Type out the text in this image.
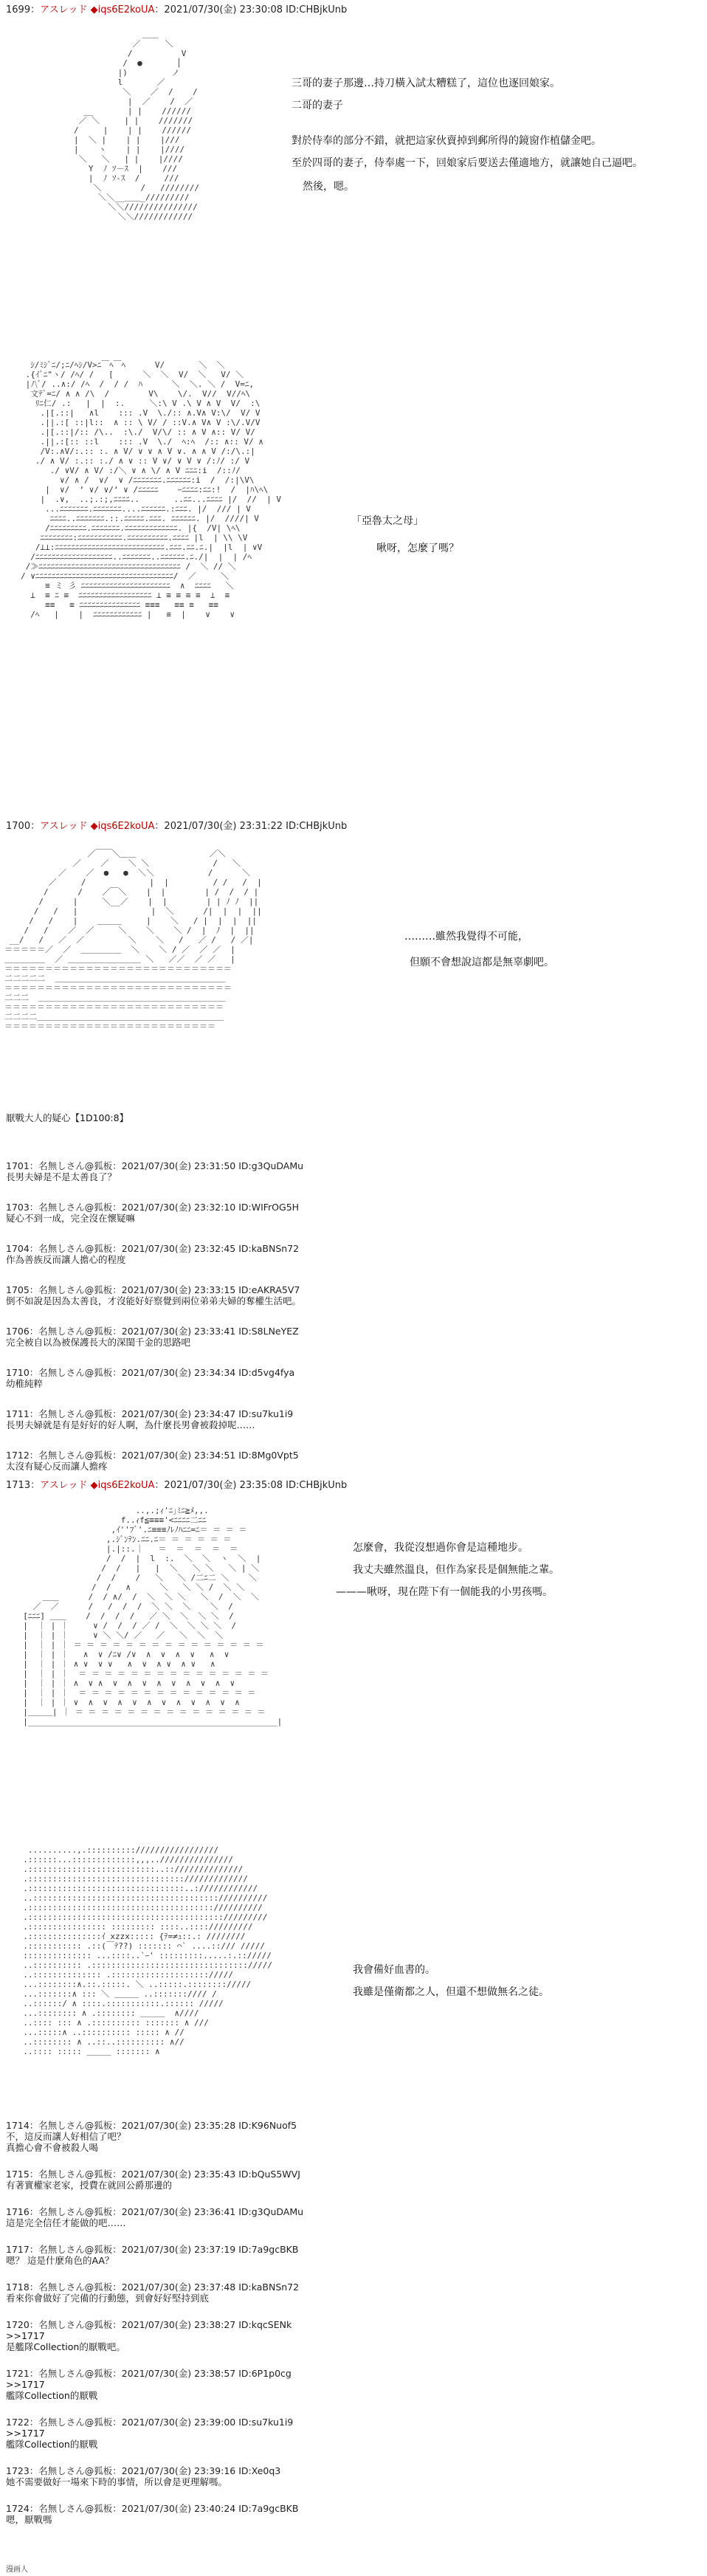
1699：アスレッド ◆iqs6E2koUA：2021/07/30(金) 23:30:08 ID:CHBjkUnb
＿＿
／     ＼
/          V
/  ●       │
|)         ノ
l       ／
＼    ／  /    /
|  ／    /  ／
__       | |    //////
／ ＼     | |    ///////
/     |    | |    //////
|  ＼ |    | |    |///
|    ヽ    | |    |////
＼   ＼   | |    |////
Y  ﾉ ｿ－ｽ  |    ///
|  ﾉ ｿ-ｽ  /     ///
＼        /   ////////
＼＼__＿＿_/////////
＼＼///////////////
＼＼////////////
三哥的妻子那邊…持刀橫入試太糟糕了，這位也逐回娘家。
二哥的妻子
對於侍奉的部分不錯，就把這家伙賣掉到郵所得的鏡窗作植儲金吧。
至於四哥的妻子，侍奉處一下，回娘家后要送去僅適地方，就讓她自己逼吧。
然後，嗯。
ｼ/ﾐｼﾞﾆ/;ﾆ/ﾍｼ/V>ﾆ￣ﾍ￣ﾍ      V/       ＼  ＼
.{ｲﾞﾆ"ヽ/ /ﾍ/ /   [      ＼  ＼  V/  ＼   V/ ＼
|ﾉ\ﾞ/ ..∧:/ /ﾍ  /  / /  ﾊ      ＼  ＼. ＼ /  V=ﾆ,
文ﾃﾞ=ﾆ/ ∧ ∧ /\  /        V\    \/.  V//  V//ﾍ\
ﾘﾆ仁/ .:   |  |  :.     ＼:\ V .\ V ∧ V  V/  :\
.|[.::|   ∧l    ::: .V  \./:: ∧.V∧ V:\/  V/ V
.||.:[ ::|l::  ∧ :: \ V/ / ::V.∧ V∧ V :\/.V/V
.|[.::|/:: /\..  :\./  V/\/ :: ∧ V ∧:: V/ V/
.||.:[:: ::l    ::: .V  \./  ﾍ:ﾍ  /:: ∧:: V/ ∧
/V:.∧V/:.:: :. ∧ V/ ∨ ∨ ∧ V ∨. ∧ ∧ V /:/\.:|
./ ∧ V/ :.:: :./ ∧ ∨ :: V ∨/ ∨ V ∨ /:ﾉ/ :/ V
./ ∨V/ ∧ V/ :/＼ ∨ ∧ \/ ∧ V ﾆﾆﾆ:i  /::ﾉ/
∨/ ∧ /  ∨/  ∨ /ﾆﾆﾆﾆﾆﾆﾆ.ﾆﾆﾆﾆﾆﾆ:i  /  /:|\V\
|  ∨/  ‘ ∨/ ∨/‘ ∨ /ﾆﾆﾆﾆﾆ    ｰﾆﾆﾆﾆ:ﾆﾆ:!  /  |ﾊ\ﾍ\
|  .∨,  ..;.:;,ﾆﾆﾆﾆ..       ..ﾆﾆ...ﾆﾆﾆﾆ |/  //  | V
...ﾆﾆﾆﾆﾆﾆﾆ.ﾆﾆﾆﾆﾆﾆﾆ....ﾆﾆﾆﾆﾆﾆ.:ﾆﾆﾆ. |/  /// | V
ﾆﾆﾆﾆ..ﾆﾆﾆﾆﾆﾆﾆ.::.ﾆﾆﾆﾆﾆ.ﾆﾆﾆ. ﾆﾆﾆﾆﾆﾆ. |/  ////| V
/ﾆﾆﾆﾆﾆﾆﾆﾆﾆ.ﾆﾆﾆﾆﾆﾆﾆ.ﾆﾆﾆﾆﾆﾆﾆﾆﾆﾆﾆﾆﾆ. |{  /V| \ﾍ\
ﾆﾆﾆﾆﾆﾆﾆﾆ:ﾆﾆﾆﾆﾆﾆﾆﾆﾆﾆﾆ.ﾆﾆﾆﾆﾆﾆﾆﾆﾆﾆ.ﾆﾆﾆﾆ |l  | \\ \V
/⊥⊥:ﾆﾆﾆﾆﾆﾆﾆﾆﾆﾆﾆﾆﾆﾆﾆﾆﾆﾆﾆﾆﾆﾆﾆﾆﾆﾆﾆ.ﾆﾆﾆ.ﾆﾆ.ﾆ.|  |l  | ∨V
/ﾆﾆﾆﾆﾆﾆﾆﾆﾆﾆﾆﾆﾆﾆﾆﾆﾆﾆﾆ..ﾆﾆﾆﾆﾆﾆﾆ..ﾆﾆﾆﾆﾆﾆ.ﾆ./|  |  | /ﾍ
/≫ﾆﾆﾆﾆﾆﾆﾆﾆﾆﾆﾆﾆﾆﾆﾆﾆﾆﾆﾆﾆﾆﾆﾆﾆﾆﾆﾆﾆﾆﾆﾆﾆﾆﾆﾆ /  ＼ // ＼
/ ∨ﾆﾆﾆﾆﾆﾆﾆﾆﾆﾆﾆﾆﾆﾆﾆﾆﾆﾆﾆﾆﾆﾆﾆﾆﾆﾆﾆﾆﾆﾆﾆﾆﾆﾆ/  ／     ＼
≡ ミ 彡 ﾆﾆﾆﾆﾆﾆﾆﾆﾆﾆﾆﾆﾆﾆﾆﾆﾆﾆﾆﾆﾆﾆ  ∧  ﾆﾆﾆﾆ   ＼
⊥  ≡ ﾆ ≡  ﾆﾆﾆﾆﾆﾆﾆﾆﾆﾆﾆﾆﾆﾆﾆﾆﾆﾆ ⊥ ≡ ≡ ≡ ≡  ⊥  ≡
≡≡   ≡ ﾆﾆﾆﾆﾆﾆﾆﾆﾆﾆﾆﾆﾆﾆﾆ ≡≡≡   ≡≡ ≡   ≡≡
/ﾍ   |    |  ﾆﾆﾆﾆﾆﾆﾆﾆﾆﾆﾆﾆ |   ≡  |    ∨    ∨
「亞魯太之母」
啾呀，怎麼了嗎？
1700：アスレッド ◆iqs6E2koUA：2021/07/30(金) 23:31:22 ID:CHBjkUnb
／￣￣＼＿＿               ／＼
／    ／    ＼ ＼             /   ＼
／    ／  ●   ●  ＼＼           /      ＼
／     /             |  |         / /   /  |
/      /    ／￣＼    |  |        | /  /  / |
/      |     ＼__／    |  |        | | ﾉ ﾉ  ||
/   /   |               |  ＼      /|  |  |  ||
/   /    |    ＿＿＿     |    ＼   / |  |  |  ||
/   /    ／  ／     ＼    ＼    ＼ /  |  ﾉ  |  ||
__/   /   ／  ／         ＼    ＼   /   ／ /   / ／|
＝＝＝＝＝／  ／  ＿＿＿＿＿  ＼    ＼ / ／  ／ ／  |
＿＿＿＿＿  ／ ＿＿＿＿＿＿＿＿＿ ＼   ／／  ／ ／   |
＝＝＝＝＝＝＝＝＝＝＝＝＝＝＝＝＝＝＝＝＝＝＝＝＝＝＝＝
二二二二二  ＿＿＿＿＿＿＿＿＿＿＿＿＿＿＿＿＿＿＿＿＿
＝＝＝＝＝＝＝＝＝＝＝＝＝＝＝＝＝＝＝＝＝＝＝＝＝＝＝＝
二二二  ＿＿＿＿＿＿＿＿＿＿＿＿＿＿＿＿＿＿＿＿＿＿＿
＝＝＝＝＝＝＝＝＝＝＝＝＝＝＝＝＝＝＝＝＝＝＝＝＝＝＝
二二二二＿＿＿＿＿＿＿＿＿＿＿＿＿＿＿＿＿＿＿＿＿＿＿
＝＝＝＝＝＝＝＝＝＝＝＝＝＝＝＝＝＝＝＝＝＝＝＝＝＝
………雖然我覺得不可能，
但願不會想說這都是無辜劇吧。
厭戰大人的疑心【1D100:8】
1701：名無しさん@狐板：2021/07/30(金) 23:31:50 ID:g3QuDAMu
長男夫婦是不是太善良了？
1703：名無しさん@狐板：2021/07/30(金) 23:32:10 ID:WIFrOG5H
疑心不到一成，完全沒在懷疑嘛
1704：名無しさん@狐板：2021/07/30(金) 23:32:45 ID:kaBNSn72
作為善族反而讓人擔心的程度
1705：名無しさん@狐板：2021/07/30(金) 23:33:15 ID:eAKRA5V7
倒不如說是因為太善良，才沒能好好察覺到兩位弟弟夫婦的奪權生活吧。
1706：名無しさん@狐板：2021/07/30(金) 23:33:41 ID:S8LNeYEZ
完全被自以為被保護長大的深閨千金的思路吧
1710：名無しさん@狐板：2021/07/30(金) 23:34:34 ID:d5vg4fya
幼稚純粹
1711：名無しさん@狐板：2021/07/30(金) 23:34:47 ID:su7ku1i9
長男夫婦就是有是好好的好人啊，為什麼長男會被殺掉呢……
1712：名無しさん@狐板：2021/07/30(金) 23:34:51 ID:8Mg0Vpt5
太沒有疑心反而讓人擔疼
1713：アスレッド ◆iqs6E2koUA：2021/07/30(金) 23:35:08 ID:CHBjkUnb
..,.;ｨ'ﾆ｣ﾐﾆ≧ﾒ,,.
f..ｨf≦≡≡≡'<ﾆﾆﾆﾆ二ﾆﾆ
,ｲ''ﾌﾞ'.ﾆ≡≡≡ﾉﾚﾉﾊﾆﾆ=ﾆ＝ ＝ ＝ ＝
,.ｼﾞﾝﾃﾝ.ﾆﾆ.ﾆ＝ ＝ ＝ ＝ ＝ ＝
|.|::.｜   ＝  ＝  ＝  ＝  ＝
/  /  |  l  :.  ＼  ＼  ヽ  ＼  |
/  /   |   |  ＼   ＼ ＼   ＼ | ＼
/  /    /   ＼   ＼ /二ﾆ二 ＼    ＼
/  /   ∧      ＼   ＼ ＼ /  ＼ ＼
＿＿      /  / ∧/  /  ＼  ＼ ＼   ＼  /  ＼  ＼
／  ／      /   /  /  /  ＼ ＼  ＼    ＼  /
[ﾆﾆﾆ] ＿＿    /  /  /  /   ／ ＼  ＼  ＼ ＼  /
|  ｜ | ｜     ∨ /  /  / ／ /  ＼  ＼ ＼ ＼  /
|  ｜ | ｜     ∨ ＼ ＼/ ／   ／   ＼  ＼  ＼
|  ｜ | ｜ ＝ ＝ ＝ ＝ ＝ ＝ ＝ ＝ ＝ ＝ ＝ ＝ ＝ ＝ ＝
|  ｜ | ｜   ∧  ∨ /ﾆ∨ /∨  ∧  ∨  ∧  ∨   ∧  ∨
|  ｜ | ｜ ∧ ∨  ∨ ∨   ∧  ∨  ∧ ∨  ∧ ∨   ∧
|  ｜ | ｜  ＝ ＝ ＝ ＝ ＝ ＝ ＝ ＝ ＝ ＝ ＝ ＝ ＝ ＝ ＝
|  ｜ | ｜ ∧  ∨ ∧  ∨  ∧  ∨  ∧  ∨  ∧  ∨  ∧  ∨
|  ｜ | ｜  ＝ ＝ ＝ ＝ ＝ ＝ ＝ ＝ ＝ ＝ ＝ ＝ ＝ ＝
|  ｜ | ｜ ∨  ∧  ∨  ∧  ∨  ∧  ∨  ∧  ∨  ∧  ∨  ∧
|＿＿＿| ｜ ＝ ＝ ＝ ＝ ＝ ＝ ＝ ＝ ＝ ＝ ＝ ＝ ＝ ＝ ＝
|___________________________________________________|
怎麼會，我從沒想過你會是這種地步。
我丈夫雖然溫良，但作為家長是個無能之輩。
———啾呀，現在陛下有一個能我的小男孩嗎。
..........,.:::::::::://///////////////
.::::::...:::::::::::::,,,..///////////////
.::::::::::::::::::::::::::..:://////////////
.:::::::::::::::::::::::::::::::://///////////
.::::::::::::::::::::::::::::::::..:////////////
..:::::::::::::::::::::::::::::::::::::://////////
.:::::::::::::::::::::::::::::::::::::://////////
.:::::::::::::::::::::::::::::::::::::::://///////
.:::::::::::::::: ::::::::: ::::..:::://///////
.:::::::::::::::ｲ xzzx::::: {ﾃ=≠ｭ::.: ////////
.::::::::::: .::(￣ﾃ??) ::::::: ⌒` ....::/// /////
:::::::::::::: ...::::..`ｰ' :::::::::.....:.:://///
..:::::::::: .:::::::::::::::::::::::::::::::://///
..:::::::::::::: .:::::::::::::::::::://///
...::::::::∧.::.:::::. ＼ ..:::::.:::::::://///
...:::::::∧ ::: ＼ ＿＿＿ ..::::::://// /
..::::::/ ∧ ::::.:::::::::::.:::::: /////
...:::::::: ∧ .:::::::: ＿＿＿  ∧////
..:::: ::: ∧ .:::::::::: ::::::: ∧ ///
...:::::∧ ..:::::::::: ::::: ∧ //
..:::::::: ∧ ..::..:::::::::: ∧//
..:::: ::::: ＿＿＿ ::::::: ∧
我會備好血書的。
我雖是僅衛都之人，但還不想做無名之徒。
1714：名無しさん@狐板：2021/07/30(金) 23:35:28 ID:K96Nuof5
不，這反而讓人好相信了吧？
真擔心會不會被殺人喝
1715：名無しさん@狐板：2021/07/30(金) 23:35:43 ID:bQuS5WVJ
有著實權家老家，授費在就回公爵那邊的
1716：名無しさん@狐板：2021/07/30(金) 23:36:41 ID:g3QuDAMu
這是完全信任才能做的吧……
1717：名無しさん@狐板：2021/07/30(金) 23:37:19 ID:7a9gcBKB
嗯？ 這是什麼角色的AA？
1718：名無しさん@狐板：2021/07/30(金) 23:37:48 ID:kaBNSn72
看來你會做好了完備的行動態，到會好好堅持到底
1720：名無しさん@狐板：2021/07/30(金) 23:38:27 ID:kqcSENk
>>1717
是艦隊Collection的厭戰吧。
1721：名無しさん@狐板：2021/07/30(金) 23:38:57 ID:6P1p0cg
>>1717
艦隊Collection的厭戰
1722：名無しさん@狐板：2021/07/30(金) 23:39:00 ID:su7ku1i9
>>1717
艦隊Collection的厭戰
1723：名無しさん@狐板：2021/07/30(金) 23:39:16 ID:Xe0q3
她不需要做好一場來下時的事情，所以會是更理解嗎。
1724：名無しさん@狐板：2021/07/30(金) 23:40:24 ID:7a9gcBKB
嗯，厭戰嗎
漫画人
